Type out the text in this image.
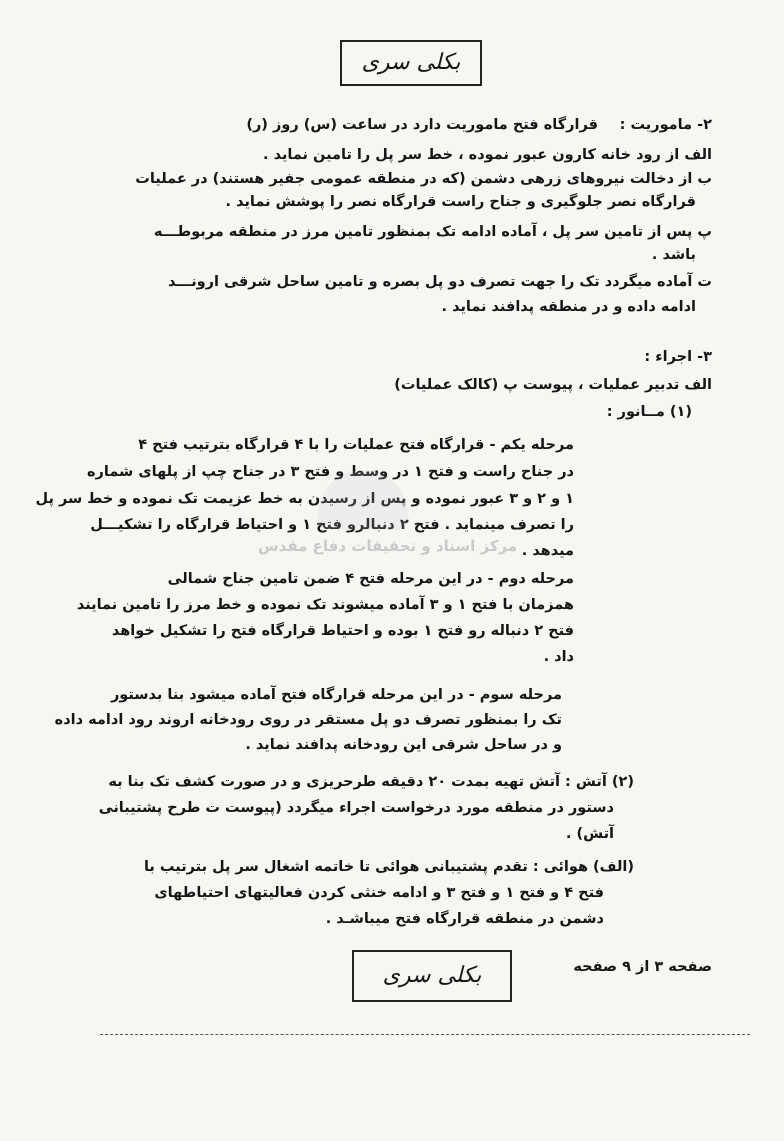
بکلی سری
۲- ماموریت :
قرارگاه فتح ماموریت دارد در ساعت (س) روز (ر)
الف از رود خانه کارون عبور نموده ، خط سر پل را تامین نماید .
ب از دخالت نیروهای زرهی دشمن (که در منطقه عمومی جفیر هستند) در عملیات
قرارگاه نصر جلوگیری و جناح راست قرارگاه نصر را پوشش نماید .
پ پس از تامین سر پل ، آماده ادامه تک بمنظور تامین مرز در منطقه مربوطـــه
باشد .
ت آماده میگردد تک را جهت تصرف دو پل بصره و تامین ساحل شرقی ارونـــد
ادامه داده و در منطقه پدافند نماید .
۳- اجراء :
الف تدبیر عملیات ، پیوست پ (کالک عملیات)
(۱) مــانور :
مرحله یکم - قرارگاه فتح عملیات را با ۴ قرارگاه بترتیب فتح ۴
در جناح راست و فتح ۱ در وسط و فتح ۳ در جناح چپ از پلهای شماره
۱ و ۲ و ۳ عبور نموده و پس از رسیدن به خط عزیمت تک نموده و خط سر پل
را تصرف مینماید . فتح ۲ دنبالرو فتح ۱ و احتیاط قرارگاه را تشکیـــل
میدهد .
مرکز اسناد و تحقیقات دفاع مقدس
مرحله دوم - در این مرحله فتح ۴ ضمن تامین جناح شمالی
همزمان با فتح ۱ و ۳ آماده میشوند تک نموده و خط مرز را تامین نمایند
فتح ۲ دنباله رو فتح ۱ بوده و احتیاط قرارگاه فتح را تشکیل خواهد
داد .
مرحله سوم - در این مرحله قرارگاه فتح آماده میشود بنا بدستور
تک را بمنظور تصرف دو پل مستقر در روی رودخانه اروند رود ادامه داده
و در ساحل شرقی این رودخانه پدافند نماید .
(۲) آتش : آتش تهیه بمدت ۲۰ دقیقه طرحریزی و در صورت کشف تک بنا به
دستور در منطقه مورد درخواست اجراء میگردد (پیوست ت طرح پشتیبانی
آتش) .
(الف) هوائی : تقدم پشتیبانی هوائی تا خاتمه اشغال سر پل بترتیب با
فتح ۴ و فتح ۱ و فتح ۳ و ادامه خنثی کردن فعالیتهای احتیاطهای
دشمن در منطقه قرارگاه فتح میباشـد .
بکلی سری	صفحه ۳ از ۹ صفحه
